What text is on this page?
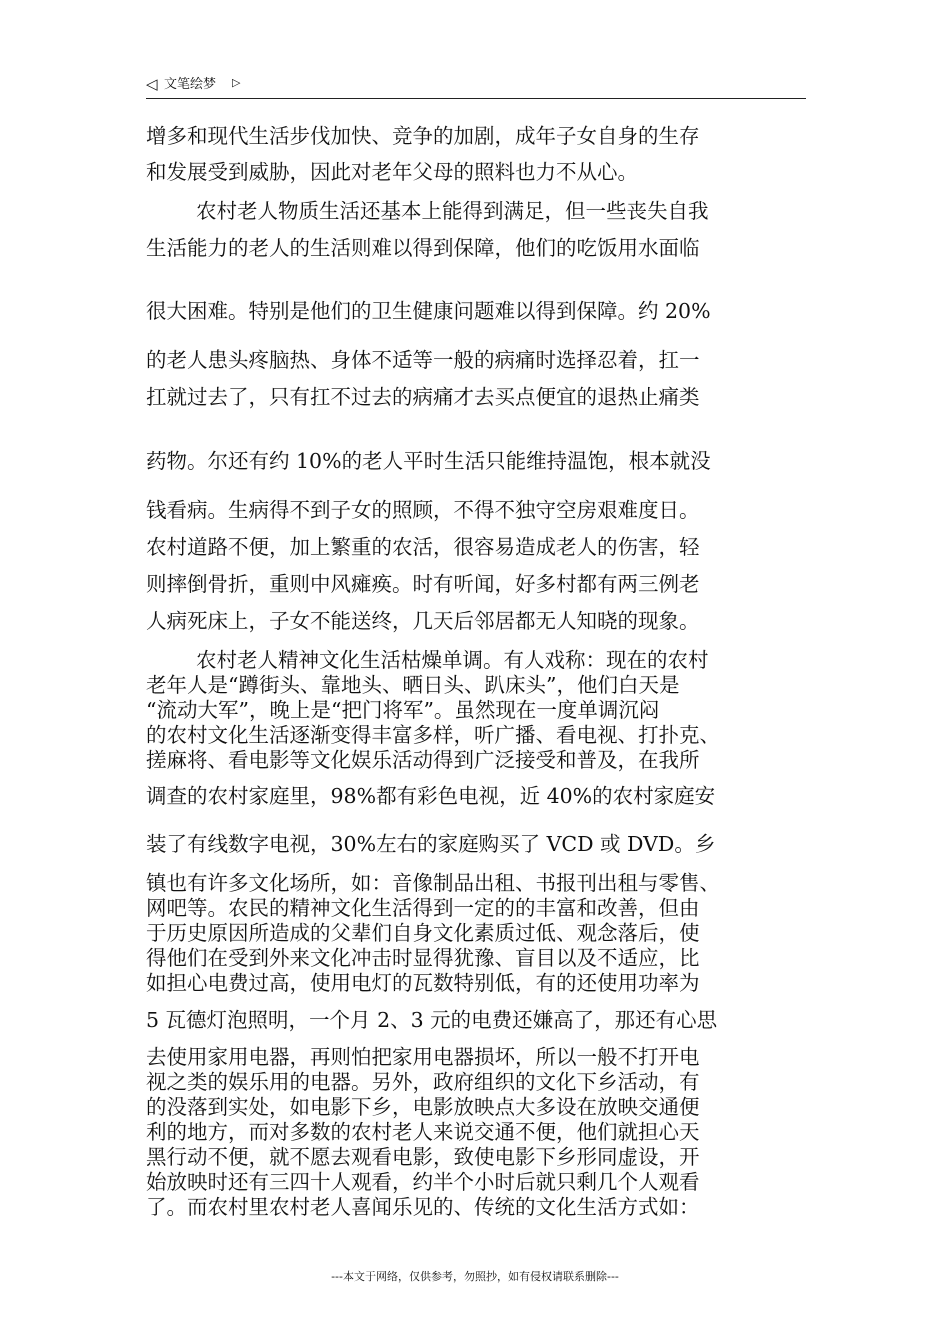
◁ 文笔绘梦 ▷
增多和现代生活步伐加快、竞争的加剧，成年子女自身的生存
和发展受到威胁，因此对老年父母的照料也力不从心。
农村老人物质生活还基本上能得到满足，但一些丧失自我
生活能力的老人的生活则难以得到保障，他们的吃饭用水面临
很大困难。特别是他们的卫生健康问题难以得到保障。约 20%
的老人患头疼脑热、身体不适等一般的病痛时选择忍着，扛一
扛就过去了，只有扛不过去的病痛才去买点便宜的退热止痛类
药物。尔还有约 10%的老人平时生活只能维持温饱，根本就没
钱看病。生病得不到子女的照顾，不得不独守空房艰难度日。
农村道路不便，加上繁重的农活，很容易造成老人的伤害，轻
则摔倒骨折，重则中风瘫痪。时有听闻，好多村都有两三例老
人病死床上，子女不能送终，几天后邻居都无人知晓的现象。
农村老人精神文化生活枯燥单调。有人戏称：现在的农村
老年人是“蹲街头、靠地头、晒日头、趴床头”，他们白天是
“流动大军”，晚上是“把门将军”。虽然现在一度单调沉闷
的农村文化生活逐渐变得丰富多样，听广播、看电视、打扑克、
搓麻将、看电影等文化娱乐活动得到广泛接受和普及，在我所
调查的农村家庭里，98%都有彩色电视，近 40%的农村家庭安
装了有线数字电视，30%左右的家庭购买了 VCD 或 DVD。乡
镇也有许多文化场所，如：音像制品出租、书报刊出租与零售、
网吧等。农民的精神文化生活得到一定的的丰富和改善，但由
于历史原因所造成的父辈们自身文化素质过低、观念落后，使
得他们在受到外来文化冲击时显得犹豫、盲目以及不适应，比
如担心电费过高，使用电灯的瓦数特别低，有的还使用功率为
5 瓦德灯泡照明，一个月 2、3 元的电费还嫌高了，那还有心思
去使用家用电器，再则怕把家用电器损坏，所以一般不打开电
视之类的娱乐用的电器。另外，政府组织的文化下乡活动，有
的没落到实处，如电影下乡，电影放映点大多设在放映交通便
利的地方，而对多数的农村老人来说交通不便，他们就担心天
黑行动不便，就不愿去观看电影，致使电影下乡形同虚设，开
始放映时还有三四十人观看，约半个小时后就只剩几个人观看
了。而农村里农村老人喜闻乐见的、传统的文化生活方式如：
---本文于网络，仅供参考，勿照抄，如有侵权请联系删除---
